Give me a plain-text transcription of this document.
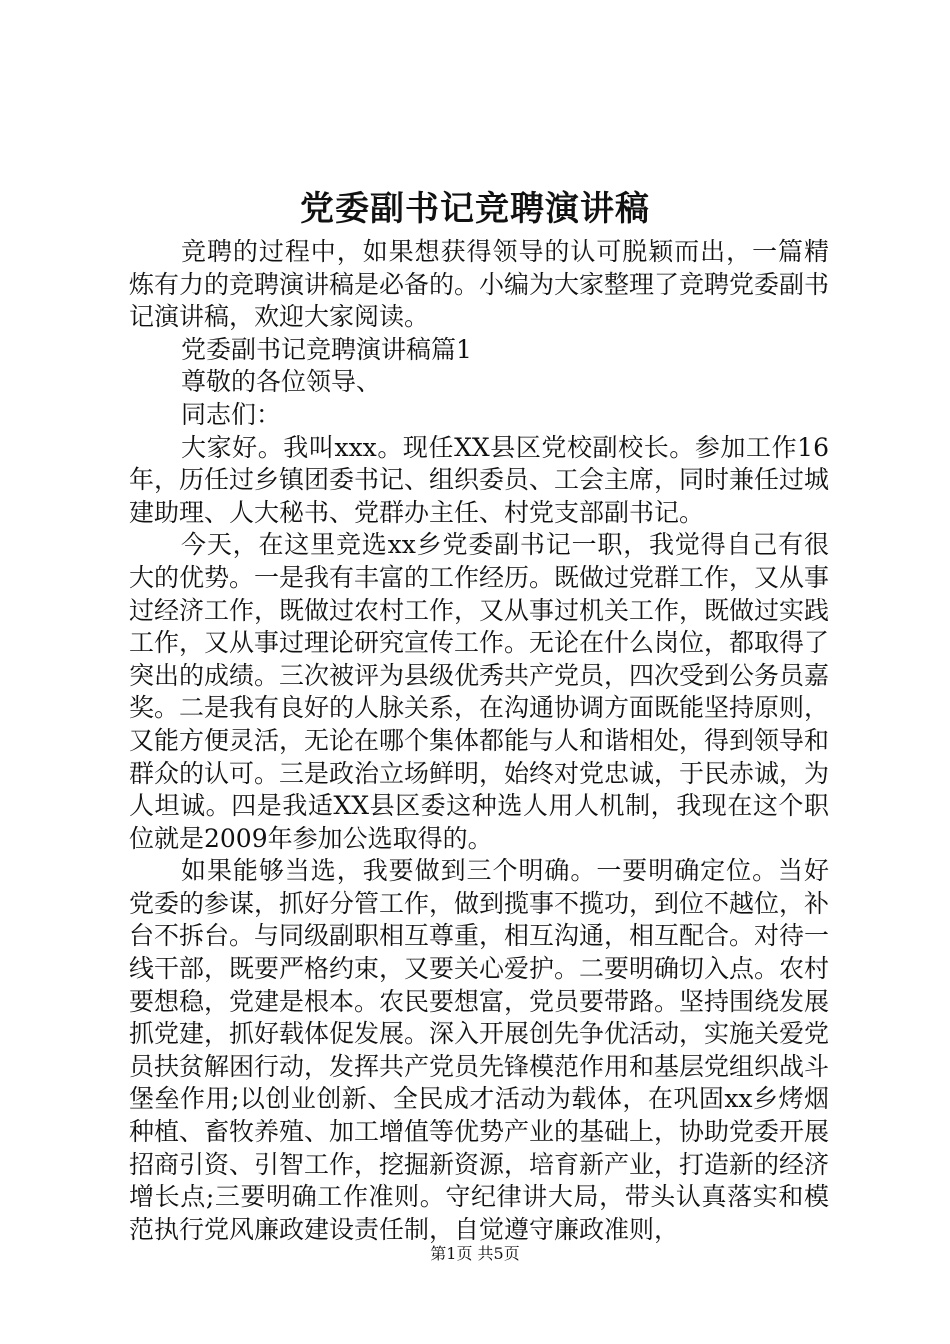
党委副书记竞聘演讲稿

竞聘的过程中，如果想获得领导的认可脱颖而出，一篇精炼有力的竞聘演讲稿是必备的。小编为大家整理了竞聘党委副书记演讲稿，欢迎大家阅读。

党委副书记竞聘演讲稿篇1

尊敬的各位领导、

同志们：

大家好。我叫xxx。现任XX县区党校副校长。参加工作16年，历任过乡镇团委书记、组织委员、工会主席，同时兼任过城建助理、人大秘书、党群办主任、村党支部副书记。

今天，在这里竞选xx乡党委副书记一职，我觉得自己有很大的优势。一是我有丰富的工作经历。既做过党群工作，又从事过经济工作，既做过农村工作，又从事过机关工作，既做过实践工作，又从事过理论研究宣传工作。无论在什么岗位，都取得了突出的成绩。三次被评为县级优秀共产党员，四次受到公务员嘉奖。二是我有良好的人脉关系，在沟通协调方面既能坚持原则，又能方便灵活，无论在哪个集体都能与人和谐相处，得到领导和群众的认可。三是政治立场鲜明，始终对党忠诚，于民赤诚，为人坦诚。四是我适XX县区委这种选人用人机制，我现在这个职位就是2009年参加公选取得的。

如果能够当选，我要做到三个明确。一要明确定位。当好党委的参谋，抓好分管工作，做到揽事不揽功，到位不越位，补台不拆台。与同级副职相互尊重，相互沟通，相互配合。对待一线干部，既要严格约束，又要关心爱护。二要明确切入点。农村要想稳，党建是根本。农民要想富，党员要带路。坚持围绕发展抓党建，抓好载体促发展。深入开展创先争优活动，实施关爱党员扶贫解困行动，发挥共产党员先锋模范作用和基层党组织战斗堡垒作用;以创业创新、全民成才活动为载体，在巩固xx乡烤烟种植、畜牧养殖、加工增值等优势产业的基础上，协助党委开展招商引资、引智工作，挖掘新资源，培育新产业，打造新的经济增长点;三要明确工作准则。守纪律讲大局，带头认真落实和模范执行党风廉政建设责任制，自觉遵守廉政准则，

第1页 共5页
